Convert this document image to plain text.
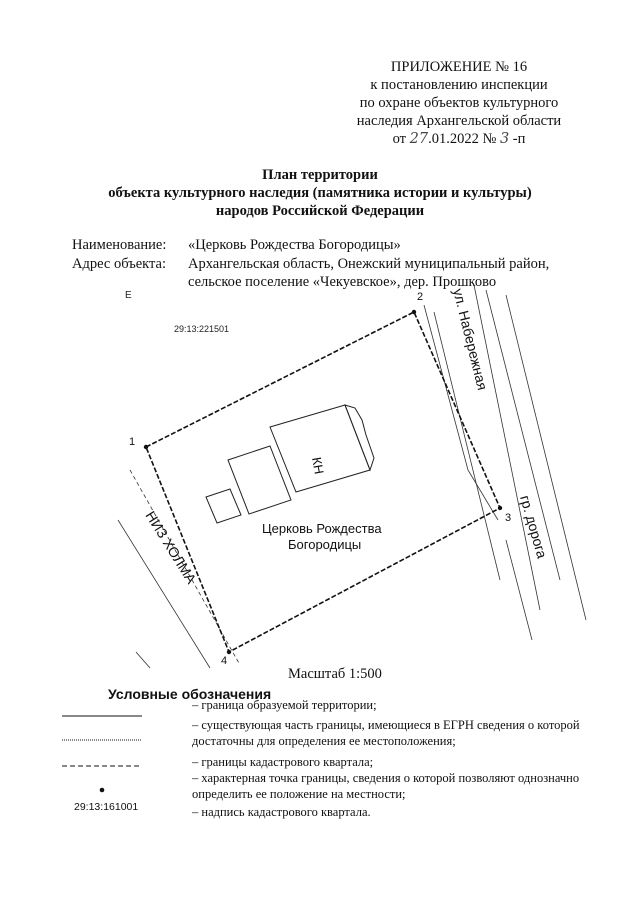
ПРИЛОЖЕНИЕ № 16
к постановлению инспекции
по охране объектов культурного
наследия Архангельской области
от 27.01.2022 № 3 -п
План территории
объекта культурного наследия (памятника истории и культуры)
народов Российской Федерации
Наименование: «Церковь Рождества Богородицы»
Адрес объекта: Архангельская область, Онежский муниципальный район,
сельское поселение «Чекуевское», дер. Прошково
Е
29:13:221501
1
2
3
4
КН
Церковь Рождества
Богородицы
ул. Набережная
гр. дорога
НИЗ ХОЛМА
Масштаб 1:500
Условные обозначения
29:13:161001
– граница образуемой территории;
– существующая часть границы, имеющиеся в ЕГРН сведения о которой достаточны для определения ее местоположения;
– границы кадастрового квартала;
– характерная точка границы, сведения о которой позволяют однозначно определить ее положение на местности;
– надпись кадастрового квартала.
